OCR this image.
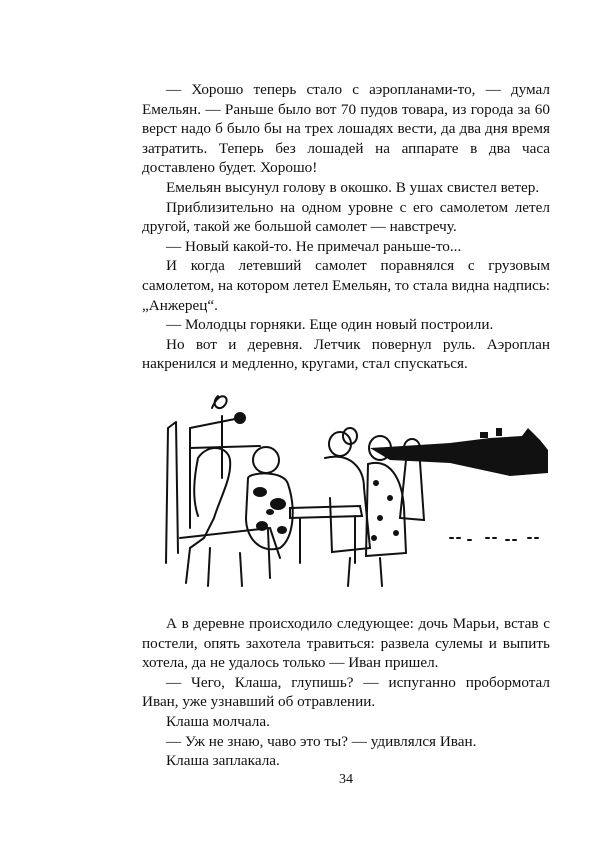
— Хорошо теперь стало с аэропланами-то, — думал Емельян. — Раньше было вот 70 пудов товара, из города за 60 верст надо б было бы на трех лошадях вести, да два дня время затратить. Теперь без лошадей на аппарате в два часа доставлено будет. Хорошо!

Емельян высунул голову в окошко. В ушах свистел ветер.

Приблизительно на одном уровне с его самолетом летел другой, такой же большой самолет — навстречу.

— Новый какой-то. Не примечал раньше-то...

И когда летевший самолет поравнялся с грузовым самолетом, на котором летел Емельян, то стала видна надпись: „Анжерец“.

— Молодцы горняки. Еще один новый построили.

Но вот и деревня. Летчик повернул руль. Аэроплан накренился и медленно, кругами, стал спускаться.

А в деревне происходило следующее: дочь Марьи, встав с постели, опять захотела травиться: развела сулемы и выпить хотела, да не удалось только — Иван пришел.

— Чего, Клаша, глупишь? — испуганно пробормотал Иван, уже узнавший об отравлении.

Клаша молчала.

— Уж не знаю, чаво это ты? — удивлялся Иван.

Клаша заплакала.

34
